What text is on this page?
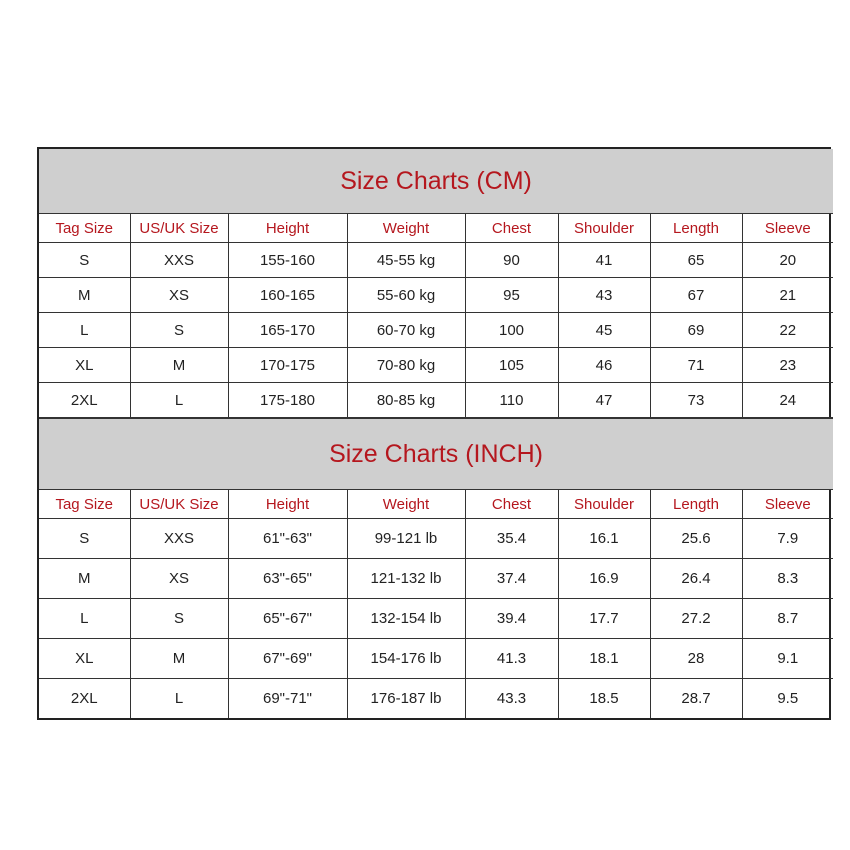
Size Charts (CM)							
Tag Size	US/UK Size	Height	Weight	Chest	Shoulder	Length	Sleeve
S	XXS	155-160	45-55 kg	90	41	65	20
M	XS	160-165	55-60 kg	95	43	67	21
L	S	165-170	60-70 kg	100	45	69	22
XL	M	170-175	70-80 kg	105	46	71	23
2XL	L	175-180	80-85 kg	110	47	73	24
Size Charts (INCH)							
Tag Size	US/UK Size	Height	Weight	Chest	Shoulder	Length	Sleeve
S	XXS	61"-63"	99-121 lb	35.4	16.1	25.6	7.9
M	XS	63"-65"	121-132 lb	37.4	16.9	26.4	8.3
L	S	65"-67"	132-154 lb	39.4	17.7	27.2	8.7
XL	M	67"-69"	154-176 lb	41.3	18.1	28	9.1
2XL	L	69"-71"	176-187 lb	43.3	18.5	28.7	9.5
